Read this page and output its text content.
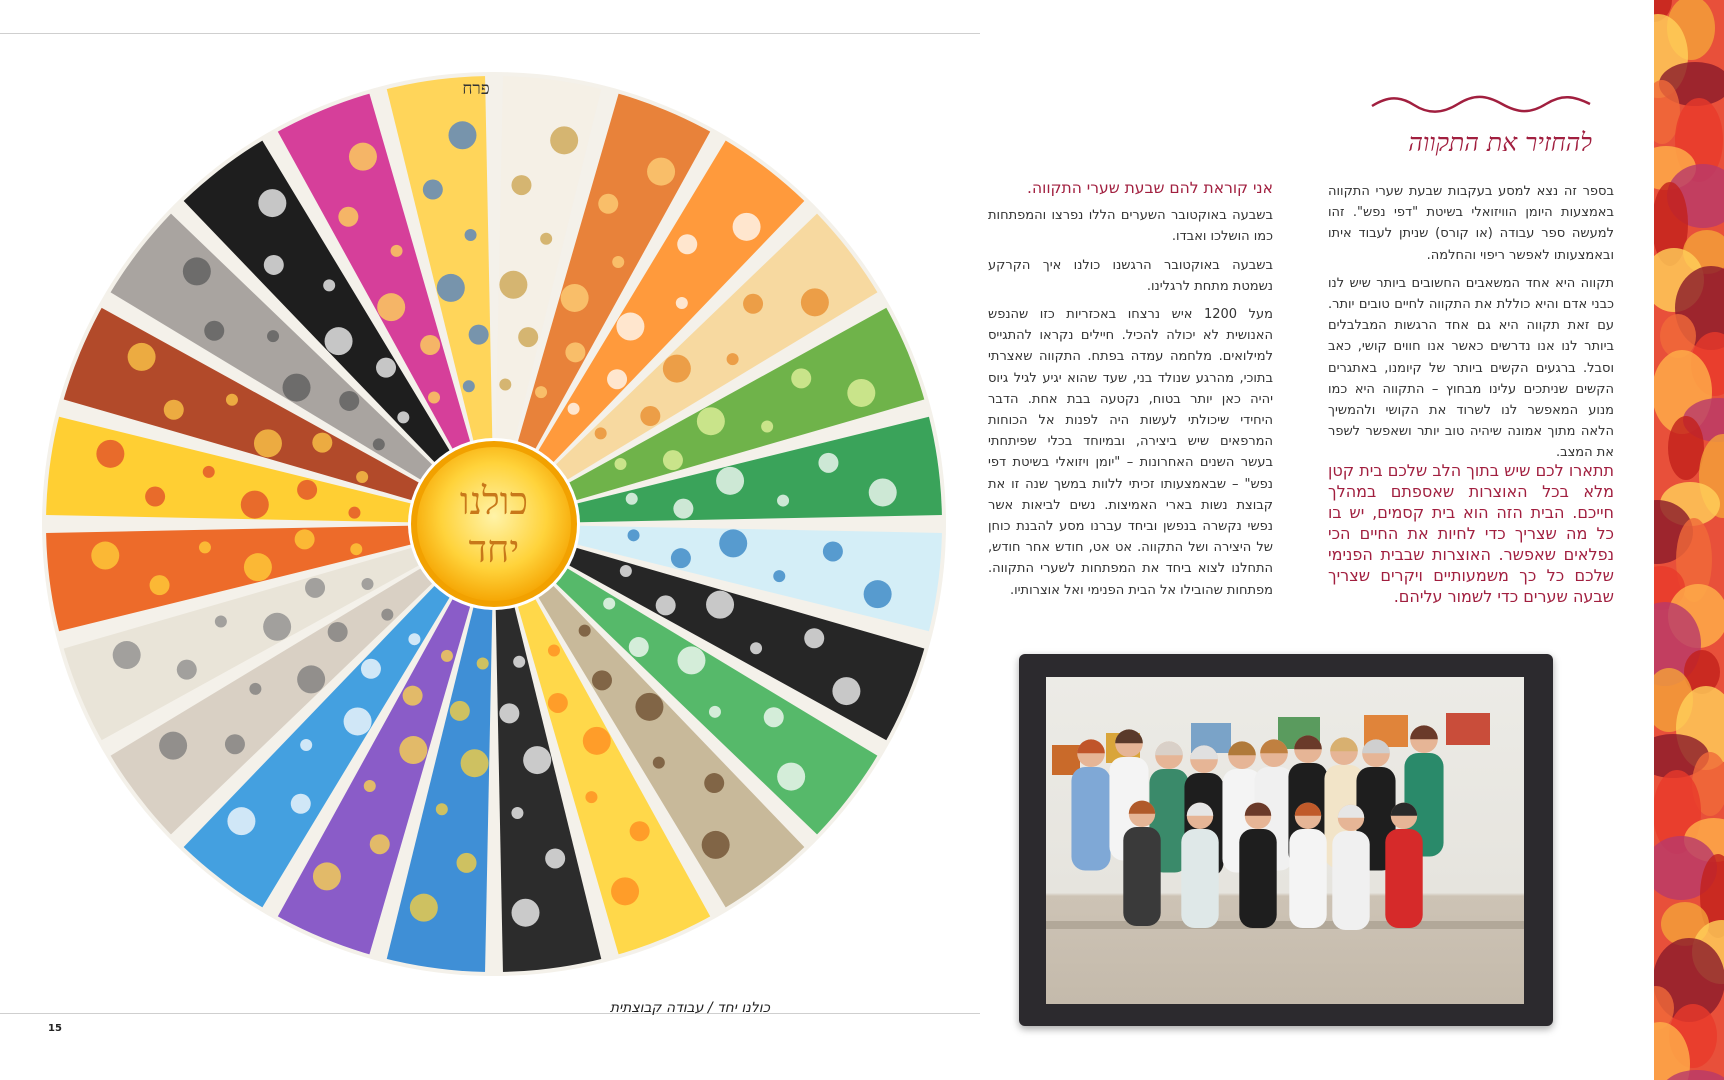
כולנו
יחד
פרח
כולנו יחד / עבודה קבוצתית
15
להחזיר את התקווה

בספר זה נצא למסע בעקבות שבעת שערי התקווה באמצעות היומן הוויזואלי בשיטת "דפי נפש". זהו למעשה ספר עבודה (או קורס) שניתן לעבוד איתו ובאמצעותו לאפשר ריפוי והחלמה.

תקווה היא אחד המשאבים החשובים ביותר שיש לנו כבני אדם והיא כוללת את התקווה לחיים טובים יותר. עם זאת תקווה היא גם אחד הרגשות המבלבלים ביותר לנו אנו נדרשים כאשר אנו חווים קושי, כאב וסבל. ברגעים הקשים ביותר של קיומנו, באתגרים הקשים שניתכים עלינו מבחוץ – התקווה היא כמו מנוע המאפשר לנו לשרוד את הקושי ולהמשיך הלאה מתוך אמונה שיהיה טוב יותר ושאפשר לשפר את המצב.

תתארו לכם שיש בתוך הלב שלכם בית קטן מלא בכל האוצרות שאספתם במהלך חייכם. הבית הזה הוא בית קסמים, יש בו כל מה שצריך כדי לחיות את החיים הכי נפלאים שאפשר. האוצרות שבבית הפנימי שלכם כל כך משמעותיים ויקרים שצריך שבעה שערים כדי לשמור עליהם.
אני קוראת להם שבעת שערי התקווה.

בשבעה באוקטובר השערים הללו נפרצו והמפתחות כמו הושלכו ואבדו.

בשבעה באוקטובר הרגשנו כולנו איך הקרקע נשמטת מתחת לרגלינו.

מעל 1200 איש נרצחו באכזריות כזו שהנפש האנושית לא יכולה להכיל. חיילים נקראו להתגייס למילואים. מלחמה עמדה בפתח. התקווה שאצרתי בתוכי, מהרגע שנולד בני, שעד שהוא יגיע לגיל גיוס יהיה כאן יותר בטוח, נקטעה בבת אחת. הדבר היחידי שיכולתי לעשות היה לפנות אל הכוחות המרפאים שיש ביצירה, ובמיוחד בכלי שפיתחתי בעשר השנים האחרונות – "יומן ויזואלי בשיטת דפי נפש" – שבאמצעותו זכיתי ללוות במשך שנה זו את קבוצת נשות בארי האמיצות. נשים לביאות אשר נפשי נקשרה בנפשן וביחד עברנו מסע להבנת כוחן של היצירה ושל התקווה. אט אט, חודש אחר חודש, התחלנו לצוא ביחד את המפתחות לשערי התקווה. מפתחות שהובילו אל הבית הפנימי ואל אוצרותיו.
